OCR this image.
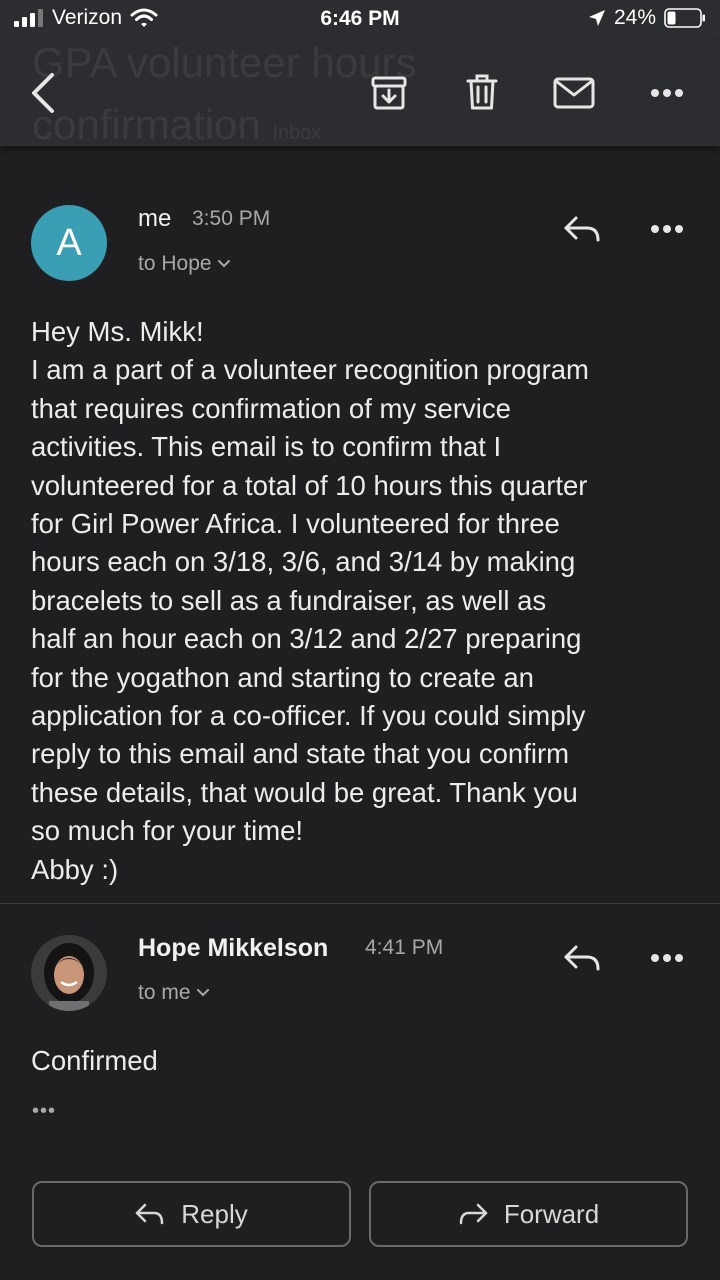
Verizon	6:46 PM	24%
GPA volunteer hours confirmation Inbox
A
me 3:50 PM
to Hope
Hey Ms. Mikk!
I am a part of a volunteer recognition program
that requires confirmation of my service
activities. This email is to confirm that I
volunteered for a total of 10 hours this quarter
for Girl Power Africa. I volunteered for three
hours each on 3/18, 3/6, and 3/14 by making
bracelets to sell as a fundraiser, as well as
half an hour each on 3/12 and 2/27 preparing
for the yogathon and starting to create an
application for a co-officer. If you could simply
reply to this email and state that you confirm
these details, that would be great. Thank you
so much for your time!
Abby :)
Hope Mikkelson 4:41 PM
to me
Confirmed
•••
Reply	Forward
